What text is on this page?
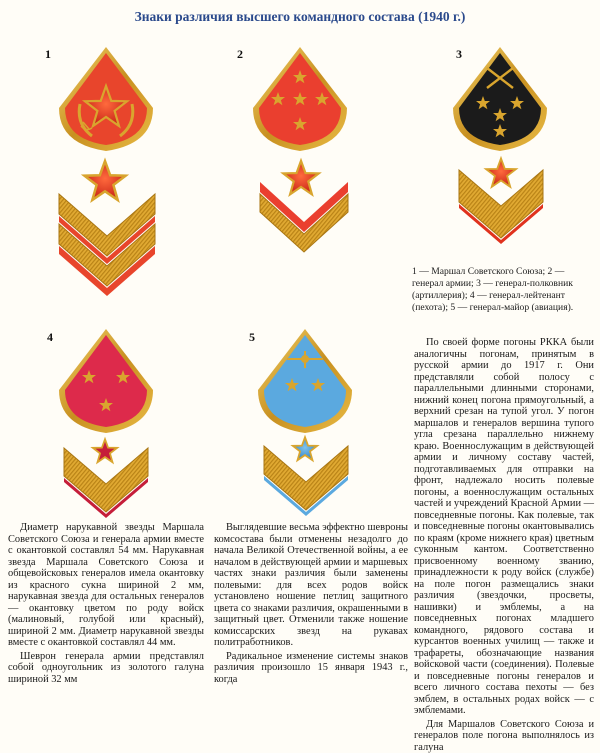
Знаки различия высшего командного состава (1940 г.)
1	2	3
4	5
1 — Маршал Советского Союза; 2 — генерал армии; 3 — генерал-полковник (артиллерия); 4 — генерал-лейтенант (пехота); 5 — генерал-майор (авиация).

Диаметр нарукавной звезды Маршала Советского Союза и генерала армии вместе с окантовкой составлял 54 мм. Нарукавная звезда Маршала Советского Союза и общевойсковых генералов имела окантовку из красного сукна шириной 2 мм, нарукавная звезда для остальных генералов — окантовку цветом по роду войск (малиновый, голубой или красный), шириной 2 мм. Диаметр нарукавной звезды вместе с окантовкой составлял 44 мм.

Шеврон генерала армии представлял собой одноугольник из золотого галуна шириной 32 мм

Выглядевшие весьма эффектно шевроны комсостава были отменены незадолго до начала Великой Отечественной войны, а ее началом в действующей армии и маршевых частях знаки различия были заменены полевыми: для всех родов войск установлено ношение петлиц защитного цвета со знаками различия, окрашенными в защитный цвет. Отменили также ношение комиссарских звезд на рукавах политработников.

Радикальное изменение системы знаков различия произошло 15 января 1943 г., когда

По своей форме погоны РККА были аналогичны погонам, принятым в русской армии до 1917 г. Они представляли собой полосу с параллельными длинными сторонами, нижний конец погона прямоугольный, а верхний срезан на тупой угол. У погон маршалов и генералов вершина тупого угла срезана параллельно нижнему краю. Военнослужащим в действующей армии и личному составу частей, подготавливаемых для отправки на фронт, надлежало носить полевые погоны, а военнослужащим остальных частей и учреждений Красной Армии — повседневные погоны. Как полевые, так и повседневные погоны окантовывались по краям (кроме нижнего края) цветным суконным кантом. Соответственно присвоенному военному званию, принадлежности к роду войск (службе) на поле погон размещались знаки различия (звездочки, просветы, нашивки) и эмблемы, а на повседневных погонах младшего командного, рядового состава и курсантов военных училищ — также и трафареты, обозначающие названия войсковой части (соединения). Полевые и повседневные погоны генералов и всего личного состава пехоты — без эмблем, в остальных родах войск — с эмблемами.

Для Маршалов Советского Союза и генералов поле погона выполнялось из галуна
